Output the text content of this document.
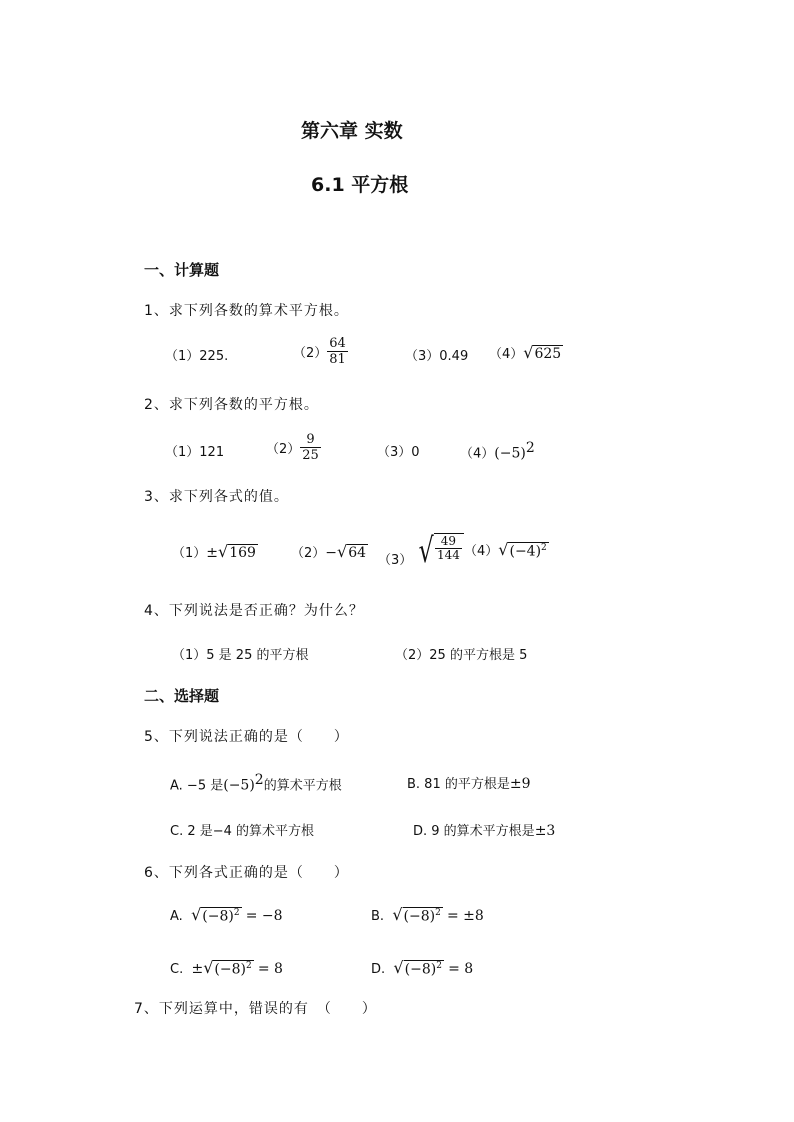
第六章 实数
6.1 平方根
一、计算题
1、求下列各数的算术平方根。
（1）225.	$(2) \frac{64}{81}$	（3）0.49 （4） √ 625
2、求下列各数的平方根。
（1）121	$(2) \frac{9}{25}$	（3）0	$(4)(-5)^2$
3、求下列各式的值。
（1）± √ 169	（2）− √ 64 （3） √ $\frac{49}{144} (4)$ √ $(-4)^2$
4、下列说法是否正确？为什么？
（1）5 是 25 的平方根	（2）25 的平方根是 5
二、选择题
5、下列说法正确的是（　　）
A. −5 是$(-5)^2$的算术平方根	B. 81 的平方根是±9
C. 2 是−4 的算术平方根	D. 9 的算术平方根是±3
6、下列各式正确的是（　　）
A. √ $(-8)^2 = -8$	B. √ $(-8)^2 = \pm 8$
C. ± √ $(-8)^2 = 8$	D. √ $(-8)^2 = 8$
7、下列运算中，错误的有　（　　）
